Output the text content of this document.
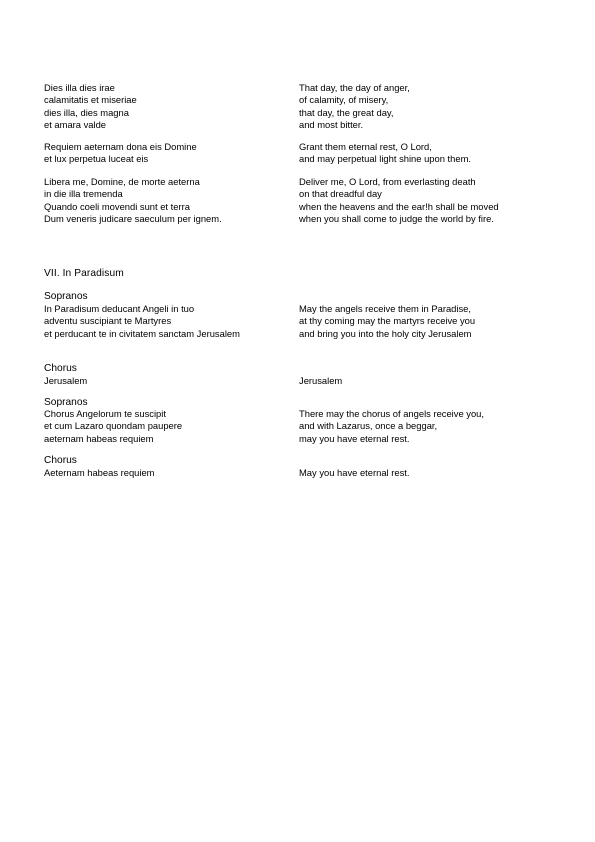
Dies illa dies irae
calamitatis et miseriae
dies illa, dies magna
et amara valde
That day, the day of anger,
of calamity, of misery,
that day, the great day,
and most bitter.
Requiem aeternam dona eis Domine
et lux perpetua luceat eis
Grant them eternal rest, O Lord,
and may perpetual light shine upon them.
Libera me, Domine, de morte aeterna
in die illa tremenda
Quando coeli movendi sunt et terra
Dum veneris judicare saeculum per ignem.
Deliver me, O Lord, from everlasting death
on that dreadful day
when the heavens and the ear!h shall be moved
when you shall come to judge the world by fire.
VII. In Paradisum

Sopranos

In Paradisum deducant Angeli in tuo
adventu suscipiant te Martyres
et perducant te in civitatem sanctam Jerusalem
May the angels receive them in Paradise,
at thy coming may the martyrs receive you
and bring you into the holy city Jerusalem

Chorus

Jerusalem	Jerusalem

Sopranos

Chorus Angelorum te suscipit
et cum Lazaro quondam paupere
aeternam habeas requiem
There may the chorus of angels receive you,
and with Lazarus, once a beggar,
may you have eternal rest.

Chorus

Aeternam habeas requiem	May you have eternal rest.
